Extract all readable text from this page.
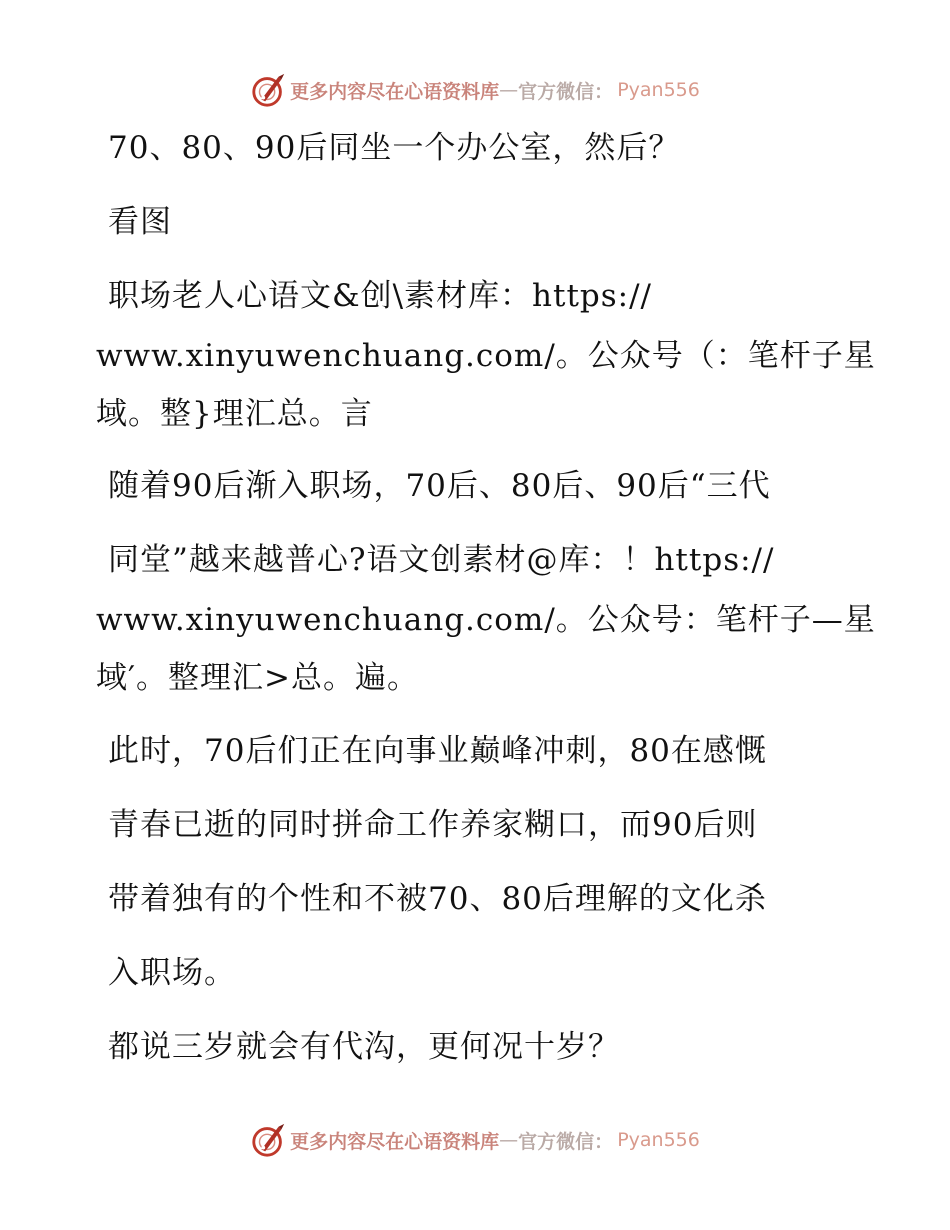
更多内容尽在心语资料库 — 官方微信： Pyan556
70、80、90后同坐一个办公室，然后？
看图
职场老人心语文&创\素材库：https://
www.xinyuwenchuang.com/。公众号（：笔杆子星
域。整}理汇总。言
随着90后渐入职场，70后、80后、90后“三代
同堂”越来越普心?语文创素材@库：！https://
www.xinyuwenchuang.com/。公众号：笔杆子—星
域′。整理汇>总。遍。
此时，70后们正在向事业巅峰冲刺，80在感慨
青春已逝的同时拼命工作养家糊口，而90后则
带着独有的个性和不被70、80后理解的文化杀
入职场。
都说三岁就会有代沟，更何况十岁？
更多内容尽在心语资料库 — 官方微信： Pyan556
